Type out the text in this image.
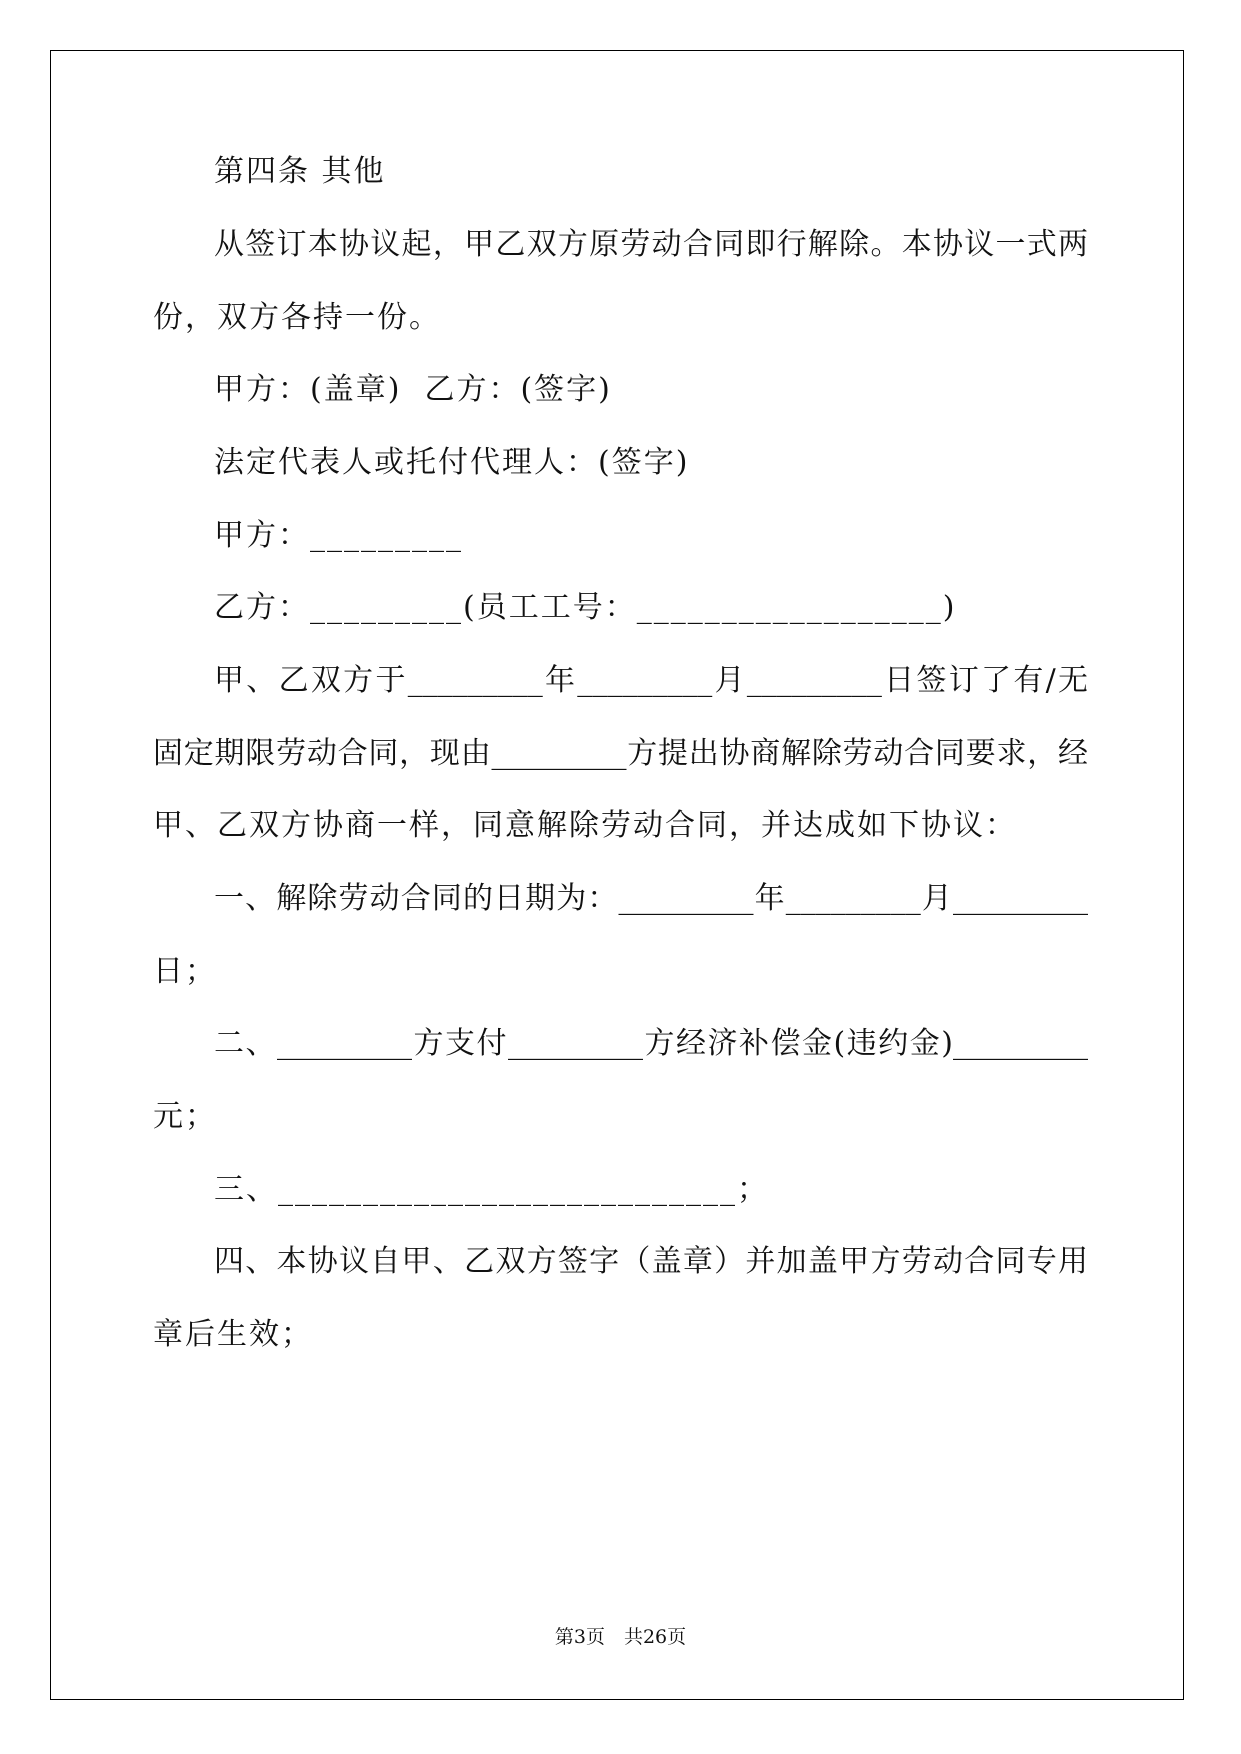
第四条 其他
从签订本协议起，甲乙双方原劳动合同即行解除。本协议一式两
份，双方各持一份。
甲方：(盖章)  乙方：(签字)
法定代表人或托付代理人：(签字)
甲方：_________
乙方：_________(员工工号：__________________)
甲、乙双方于_________年_________月_________日签订了有/无
固定期限劳动合同，现由_________方提出协商解除劳动合同要求，经
甲、乙双方协商一样，同意解除劳动合同，并达成如下协议：
一、解除劳动合同的日期为：_________年_________月_________
日；
二、_________方支付_________方经济补偿金(违约金)_________
元；
三、___________________________；
四、本协议自甲、乙双方签字（盖章）并加盖甲方劳动合同专用
章后生效；
第3页　共26页
